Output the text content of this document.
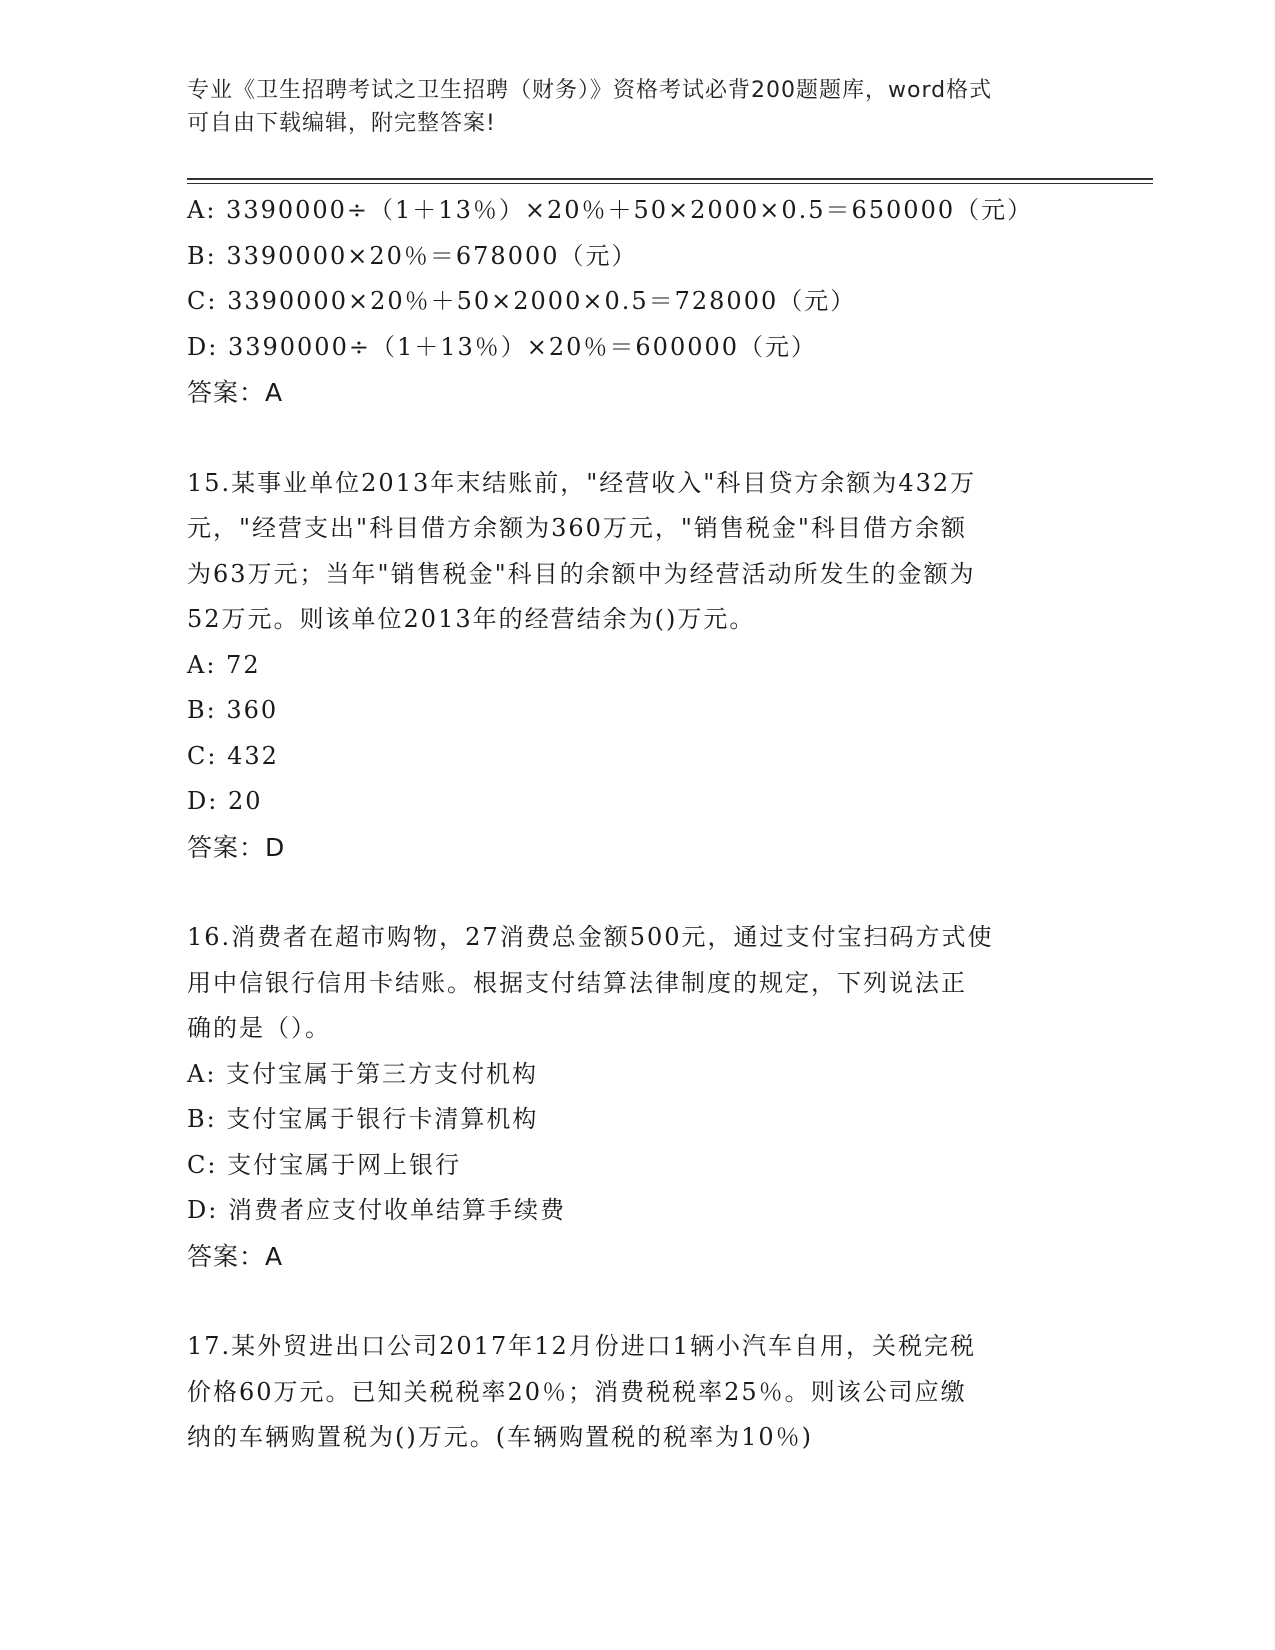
专业《卫生招聘考试之卫生招聘（财务）》资格考试必背200题题库，word格式
可自由下载编辑，附完整答案!
A: 3390000÷（1＋13％）×20％＋50×2000×0.5＝650000（元）
B: 3390000×20％＝678000（元）
C: 3390000×20％＋50×2000×0.5＝728000（元）
D: 3390000÷（1＋13％）×20％＝600000（元）
答案：A
15.某事业单位2013年末结账前，"经营收入"科目贷方余额为432万
元，"经营支出"科目借方余额为360万元，"销售税金"科目借方余额
为63万元；当年"销售税金"科目的余额中为经营活动所发生的金额为
52万元。则该单位2013年的经营结余为()万元。
A: 72
B: 360
C: 432
D: 20
答案：D
16.消费者在超市购物，27消费总金额500元，通过支付宝扫码方式使
用中信银行信用卡结账。根据支付结算法律制度的规定，下列说法正
确的是（）。
A: 支付宝属于第三方支付机构
B: 支付宝属于银行卡清算机构
C: 支付宝属于网上银行
D: 消费者应支付收单结算手续费
答案：A
17.某外贸进出口公司2017年12月份进口1辆小汽车自用，关税完税
价格60万元。已知关税税率20％；消费税税率25％。则该公司应缴
纳的车辆购置税为()万元。(车辆购置税的税率为10％)
